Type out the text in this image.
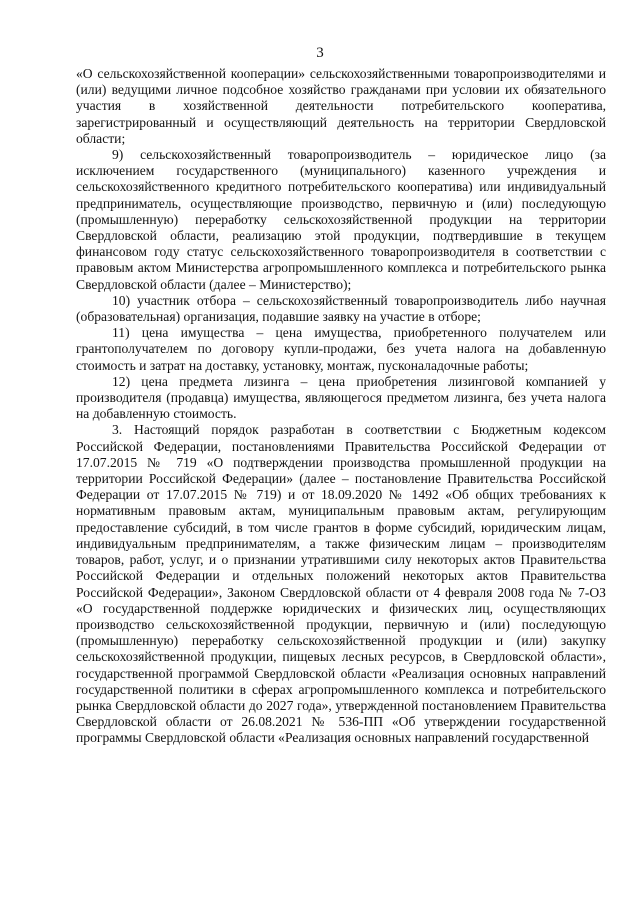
3

«О сельскохозяйственной кооперации» сельскохозяйственными товаропроизводителями и (или) ведущими личное подсобное хозяйство гражданами при условии их обязательного участия в хозяйственной деятельности потребительского кооператива, зарегистрированный и осуществляющий деятельность на территории Свердловской области;

9) сельскохозяйственный товаропроизводитель – юридическое лицо (за исключением государственного (муниципального) казенного учреждения и сельскохозяйственного кредитного потребительского кооператива) или индивидуальный предприниматель, осуществляющие производство, первичную и (или) последующую (промышленную) переработку сельскохозяйственной продукции на территории Свердловской области, реализацию этой продукции, подтвердившие в текущем финансовом году статус сельскохозяйственного товаропроизводителя в соответствии с правовым актом Министерства агропромышленного комплекса и потребительского рынка Свердловской области (далее – Министерство);

10) участник отбора – сельскохозяйственный товаропроизводитель либо научная (образовательная) организация, подавшие заявку на участие в отборе;

11) цена имущества – цена имущества, приобретенного получателем или грантополучателем по договору купли-продажи, без учета налога на добавленную стоимость и затрат на доставку, установку, монтаж, пусконаладочные работы;

12) цена предмета лизинга – цена приобретения лизинговой компанией у производителя (продавца) имущества, являющегося предметом лизинга, без учета налога на добавленную стоимость.

3. Настоящий порядок разработан в соответствии с Бюджетным кодексом Российской Федерации, постановлениями Правительства Российской Федерации от 17.07.2015 № 719 «О подтверждении производства промышленной продукции на территории Российской Федерации» (далее – постановление Правительства Российской Федерации от 17.07.2015 № 719) и от 18.09.2020 № 1492 «Об общих требованиях к нормативным правовым актам, муниципальным правовым актам, регулирующим предоставление субсидий, в том числе грантов в форме субсидий, юридическим лицам, индивидуальным предпринимателям, а также физическим лицам – производителям товаров, работ, услуг, и о признании утратившими силу некоторых актов Правительства Российской Федерации и отдельных положений некоторых актов Правительства Российской Федерации», Законом Свердловской области от 4 февраля 2008 года № 7-ОЗ «О государственной поддержке юридических и физических лиц, осуществляющих производство сельскохозяйственной продукции, первичную и (или) последующую (промышленную) переработку сельскохозяйственной продукции и (или) закупку сельскохозяйственной продукции, пищевых лесных ресурсов, в Свердловской области», государственной программой Свердловской области «Реализация основных направлений государственной политики в сферах агропромышленного комплекса и потребительского рынка Свердловской области до 2027 года», утвержденной постановлением Правительства Свердловской области от 26.08.2021 № 536-ПП «Об утверждении государственной программы Свердловской области «Реализация основных направлений государственной
